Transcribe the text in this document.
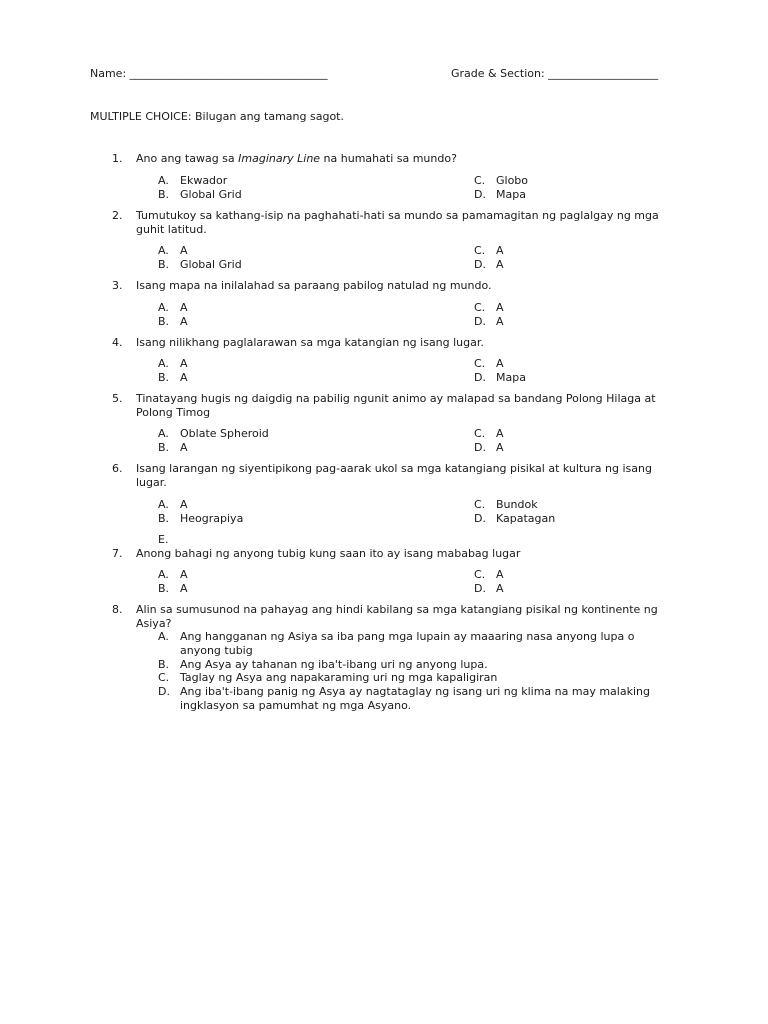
Name: ____________________________________	Grade & Section: ____________________
MULTIPLE CHOICE: Bilugan ang tamang sagot.
1. Ano ang tawag sa Imaginary Line na humahati sa mundo?
A. Ekwador
B. Global Grid
C. Globo
D. Mapa
2. Tumutukoy sa kathang-isip na paghahati-hati sa mundo sa pamamagitan ng paglalgay ng mga guhit latitud.
A. A
B. Global Grid
C. A
D. A
3. Isang mapa na inilalahad sa paraang pabilog natulad ng mundo.
A. A
B. A
C. A
D. A
4. Isang nilikhang paglalarawan sa mga katangian ng isang lugar.
A. A
B. A
C. A
D. Mapa
5. Tinatayang hugis ng daigdig na pabilig ngunit animo ay malapad sa bandang Polong Hilaga at Polong Timog
A. Oblate Spheroid
B. A
C. A
D. A
6. Isang larangan ng siyentipikong pag-aarak ukol sa mga katangiang pisikal at kultura ng isang lugar.
A. A
B. Heograpiya
C. Bundok
D. Kapatagan
E.
7. Anong bahagi ng anyong tubig kung saan ito ay isang mababag lugar
A. A
B. A
C. A
D. A
8. Alin sa sumusunod na pahayag ang hindi kabilang sa mga katangiang pisikal ng kontinente ng Asiya?
A. Ang hangganan ng Asiya sa iba pang mga lupain ay maaaring nasa anyong lupa o anyong tubig
B. Ang Asya ay tahanan ng iba't-ibang uri ng anyong lupa.
C. Taglay ng Asya ang napakaraming uri ng mga kapaligiran
D. Ang iba't-ibang panig ng Asya ay nagtataglay ng isang uri ng klima na may malaking ingklasyon sa pamumhat ng mga Asyano.
